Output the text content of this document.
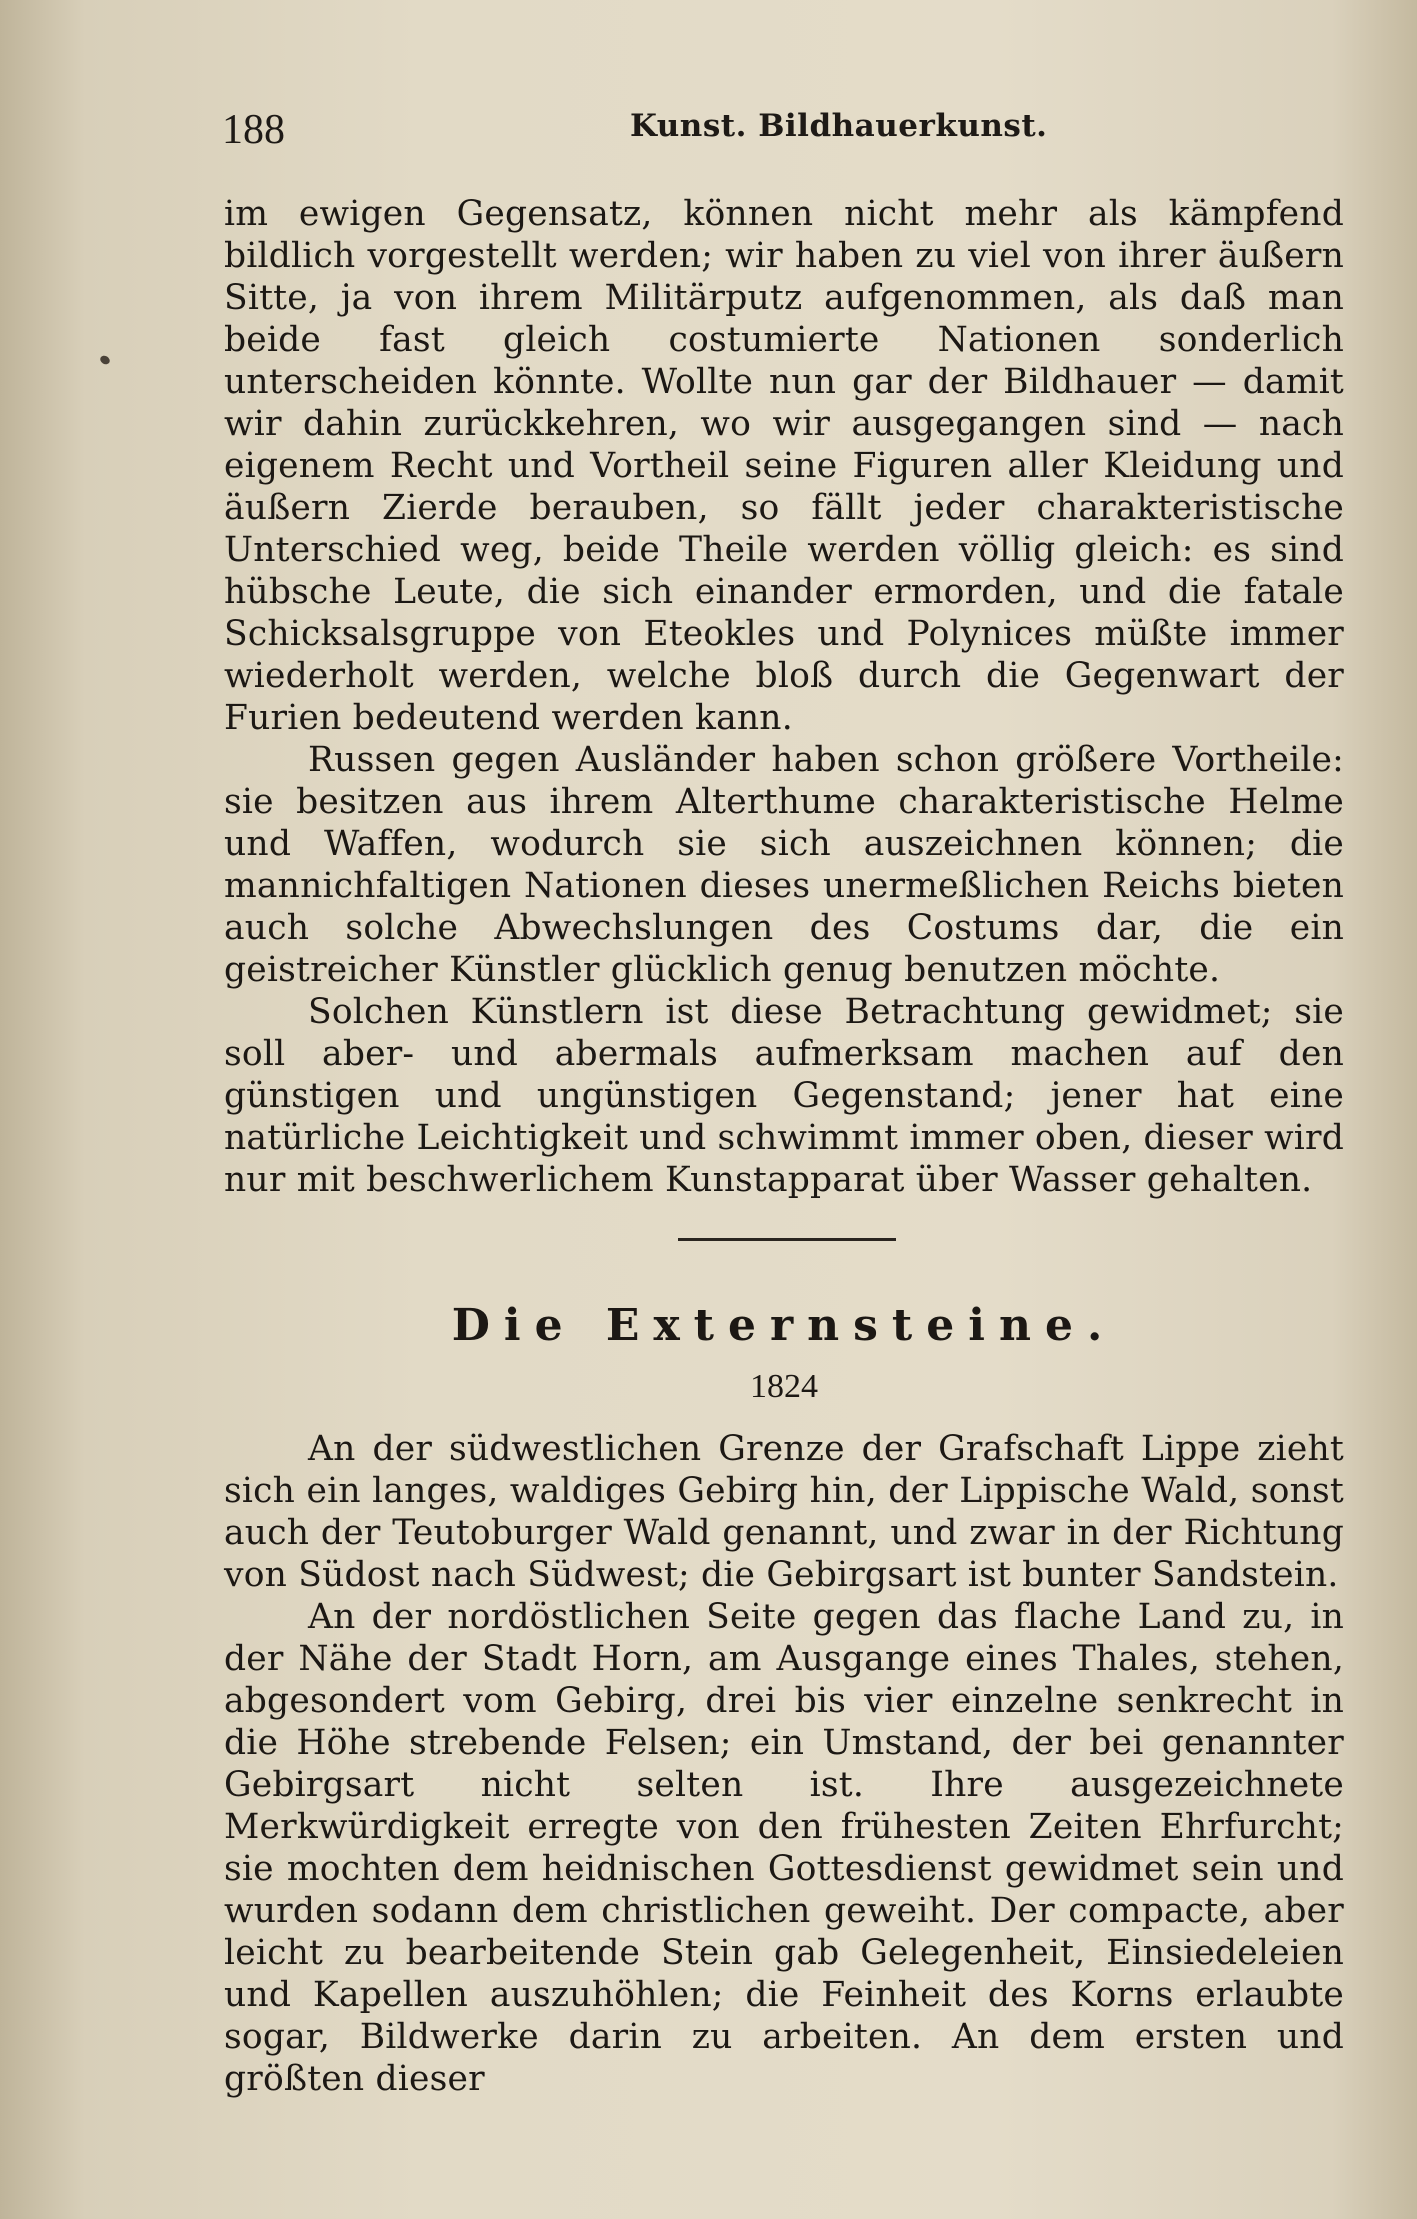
188	Kunst. Bildhauerkunst.

im ewigen Gegensatz, können nicht mehr als kämpfend bildlich vorgestellt werden; wir haben zu viel von ihrer äußern Sitte, ja von ihrem Militärputz aufgenommen, als daß man beide fast gleich costumierte Nationen sonderlich unterscheiden könnte. Wollte nun gar der Bildhauer — damit wir dahin zurückkehren, wo wir ausgegangen sind — nach eigenem Recht und Vortheil seine Figuren aller Kleidung und äußern Zierde berauben, so fällt jeder charakteristische Unterschied weg, beide Theile werden völlig gleich: es sind hübsche Leute, die sich einander ermorden, und die fatale Schicksalsgruppe von Eteokles und Polynices müßte immer wiederholt werden, welche bloß durch die Gegenwart der Furien bedeutend werden kann.

Russen gegen Ausländer haben schon größere Vortheile: sie besitzen aus ihrem Alterthume charakteristische Helme und Waffen, wodurch sie sich auszeichnen können; die mannichfaltigen Nationen dieses unermeßlichen Reichs bieten auch solche Abwechslungen des Costums dar, die ein geistreicher Künstler glücklich genug benutzen möchte.

Solchen Künstlern ist diese Betrachtung gewidmet; sie soll aber- und abermals aufmerksam machen auf den günstigen und ungünstigen Gegenstand; jener hat eine natürliche Leichtigkeit und schwimmt immer oben, dieser wird nur mit beschwerlichem Kunstapparat über Wasser gehalten.

Die Externsteine.
1824

An der südwestlichen Grenze der Grafschaft Lippe zieht sich ein langes, waldiges Gebirg hin, der Lippische Wald, sonst auch der Teutoburger Wald genannt, und zwar in der Richtung von Südost nach Südwest; die Gebirgsart ist bunter Sandstein.

An der nordöstlichen Seite gegen das flache Land zu, in der Nähe der Stadt Horn, am Ausgange eines Thales, stehen, abgesondert vom Gebirg, drei bis vier einzelne senkrecht in die Höhe strebende Felsen; ein Umstand, der bei genannter Gebirgsart nicht selten ist. Ihre ausgezeichnete Merkwürdigkeit erregte von den frühesten Zeiten Ehrfurcht; sie mochten dem heidnischen Gottesdienst gewidmet sein und wurden sodann dem christlichen geweiht. Der compacte, aber leicht zu bearbeitende Stein gab Gelegenheit, Einsiedeleien und Kapellen auszuhöhlen; die Feinheit des Korns erlaubte sogar, Bildwerke darin zu arbeiten. An dem ersten und größten dieser
